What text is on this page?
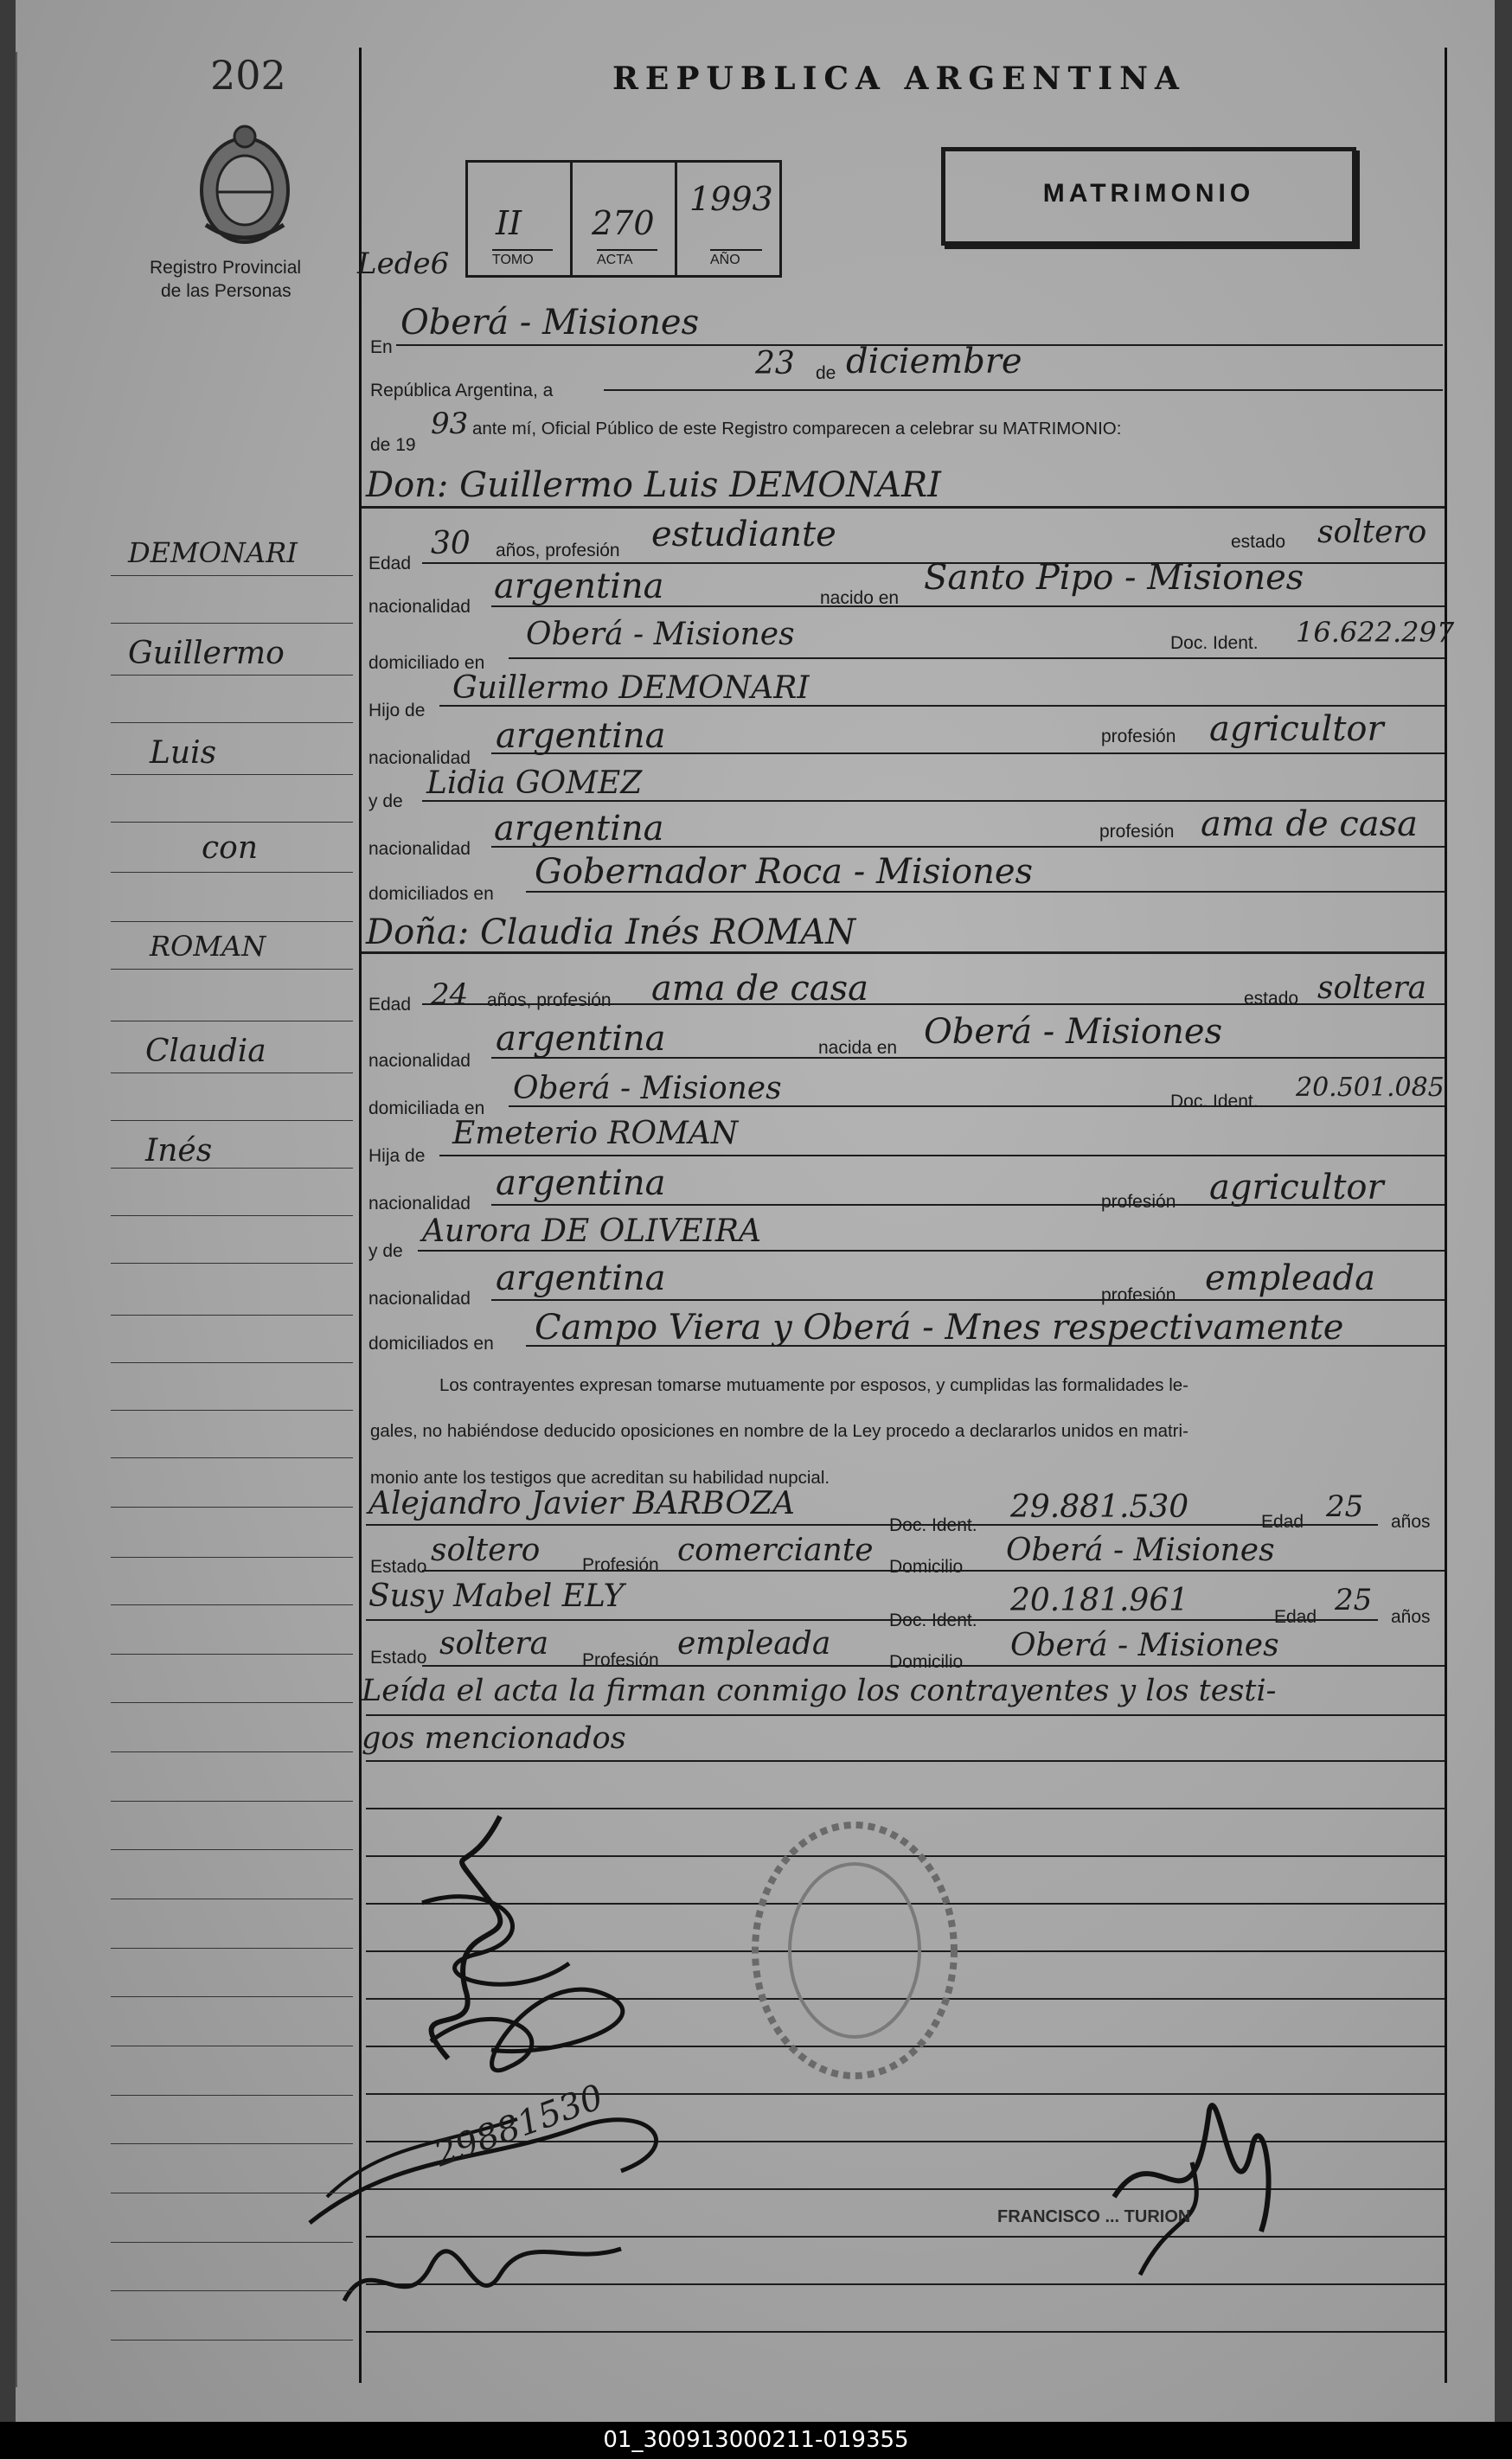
202
Registro Provincial
de las Personas
REPUBLICA ARGENTINA
II
TOMO
270
ACTA
1993
AÑO
MATRIMONIO
Lede6
En
Oberá - Misiones
República Argentina, a
23 de diciembre
de 19
93 ante mí, Oficial Público de este Registro comparecen a celebrar su MATRIMONIO:
Don: Guillermo Luis DEMONARI
Edad
30 años, profesión estudiante	estado soltero
nacionalidad
argentina	nacido en
Santo Pipo - Misiones
domiciliado en
Oberá - Misiones	Doc. Ident. 16.622.297
Hijo de
Guillermo DEMONARI
nacionalidad
argentina	profesión agricultor
y de
Lidia GOMEZ
nacionalidad
argentina	profesión ama de casa
domiciliados en
Gobernador Roca - Misiones
Doña: Claudia Inés ROMAN
Edad 24 años, profesión ama de casa	estado soltera
nacionalidad
argentina	nacida en Oberá - Misiones
domiciliada en
Oberá - Misiones	Doc. Ident. 20.501.085
Hija de
Emeterio ROMAN
nacionalidad
argentina	profesión agricultor
y de
Aurora DE OLIVEIRA
nacionalidad
argentina	profesión empleada
domiciliados en Campo Viera y Oberá - Mnes respectivamente
Los contrayentes expresan tomarse mutuamente por esposos, y cumplidas las formalidades le-
gales, no habiéndose deducido oposiciones en nombre de la Ley procedo a declararlos unidos en matri-
monio ante los testigos que acreditan su habilidad nupcial.
Alejandro Javier BARBOZA
Doc. Ident.
29.881.530	Edad 25 años
Estado soltero Profesión comerciante Domicilio Oberá - Misiones
Susy Mabel ELY
Doc. Ident.
20.181.961	Edad 25 años
Estado soltera Profesión empleada
Domicilio Oberá - Misiones
Leída el acta la firman conmigo los contrayentes y los testi-
gos mencionados
29881530
FRANCISCO ... TURION
DEMONARI
Guillermo
Luis
con
ROMAN
Claudia
Inés
01_300913000211-019355
